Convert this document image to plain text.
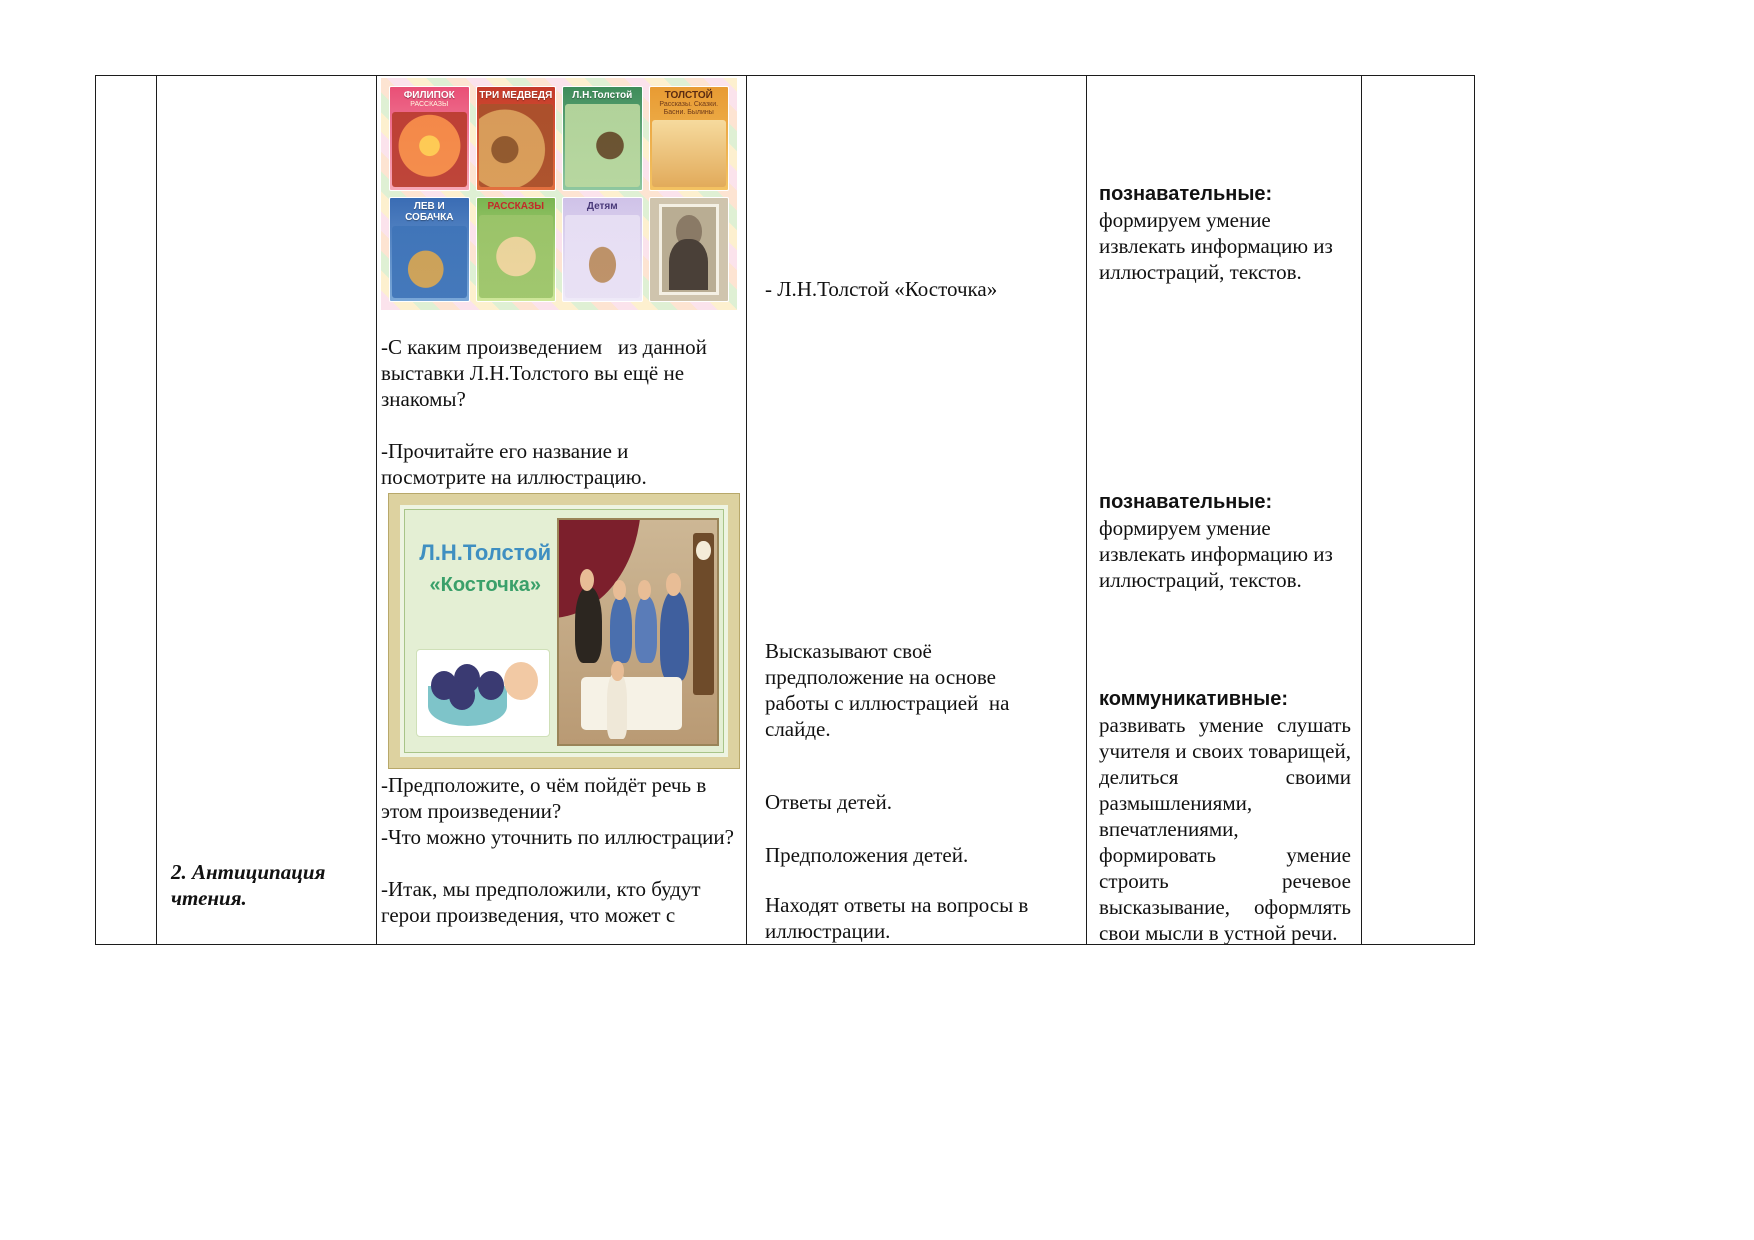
2. Антиципация чтения.
ФИЛИПОК
РАССКАЗЫ
ТРИ МЕДВЕДЯ Л.Н.Толстой	ТОЛСТОЙ
Рассказы. Сказки. Басни. Былины
ЛЕВ И СОБАЧКА
РАССКАЗЫ	Детям

-С каким произведением   из данной выставки Л.Н.Толстого вы ещё не знакомы?

-Прочитайте его название и посмотрите на иллюстрацию.

Л.Н.Толстой
«Косточка»

-Предположите, о чём пойдёт речь в этом произведении?

-Что можно уточнить по иллюстрации?

-Итак, мы предположили, кто будут герои произведения, что может с

- Л.Н.Толстой «Косточка»

Высказывают своё предположение на основе работы с иллюстрацией  на слайде.

Ответы детей.

Предположения детей.

Находят ответы на вопросы в иллюстрации.

познавательные:
формируем умение извлекать информацию из иллюстраций, текстов.
познавательные:
формируем умение извлекать информацию из иллюстраций, текстов.
коммуникативные:
развивать умение слушать учителя и своих товарищей, делиться своими размышлениями, впечатлениями, формировать умение строить речевое высказывание, оформлять свои мысли в устной речи.
